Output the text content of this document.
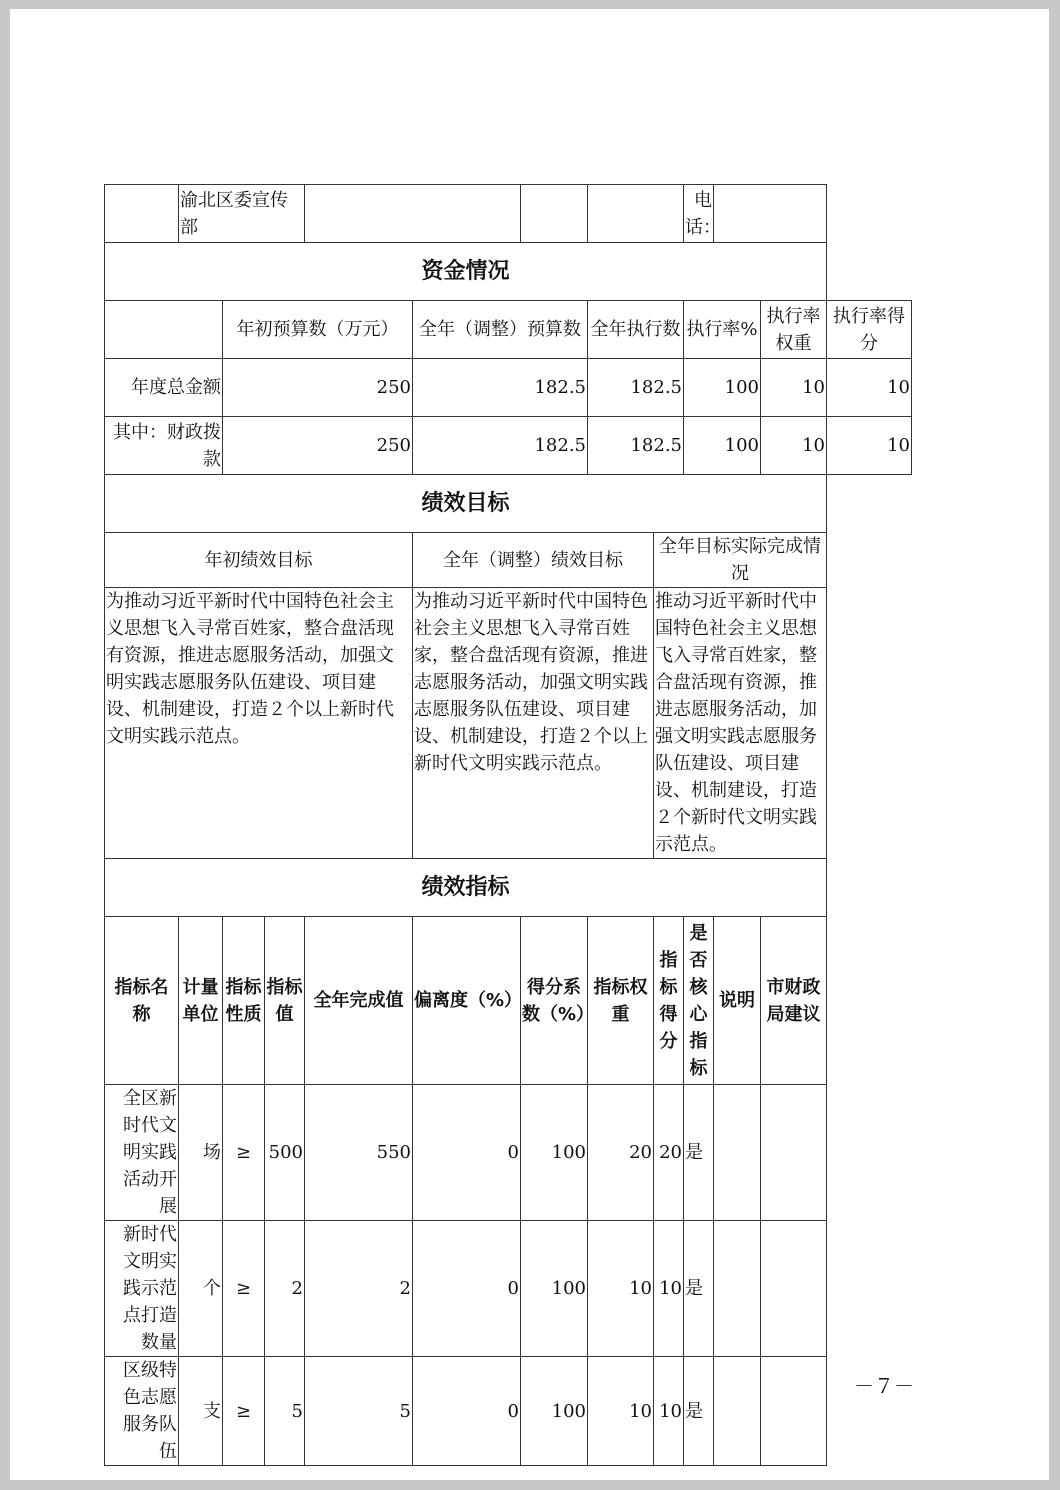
	渝北区委宣传部								电话：			
资金情况												
		年初预算数（万元）			全年（调整）预算数		全年执行数		执行率%		执行率权重	执行率得分
年度总金额		250			182.5		182.5		100		10	10
其中：财政拨款		250			182.5		182.5		100		10	10
绩效目标												
年初绩效目标					全年（调整）绩效目标			全年目标实际完成情况				
为推动习近平新时代中国特色社会主义思想飞入寻常百姓家，整合盘活现有资源，推进志愿服务活动，加强文明实践志愿服务队伍建设、项目建设、机制建设，打造２个以上新时代文明实践示范点。					为推动习近平新时代中国特色社会主义思想飞入寻常百姓家，整合盘活现有资源，推进志愿服务活动，加强文明实践志愿服务队伍建设、项目建设、机制建设，打造２个以上新时代文明实践示范点。			推动习近平新时代中国特色社会主义思想飞入寻常百姓家，整合盘活现有资源，推进志愿服务活动，加强文明实践志愿服务队伍建设、项目建设、机制建设，打造２个新时代文明实践示范点。				
绩效指标												
指标名称	计量单位	指标性质	指标值	全年完成值	偏离度（%）	得分系数（%）	指标权重	指标得分	是否核心指标	说明	市财政局建议	
全区新时代文明实践活动开展	场	≥	500	550	0	100	20	20	是			
新时代文明实践示范点打造数量	个	≥	2	2	0	100	10	10	是			
区级特色志愿服务队伍	支	≥	5	5	0	100	10	10	是			
－７－
